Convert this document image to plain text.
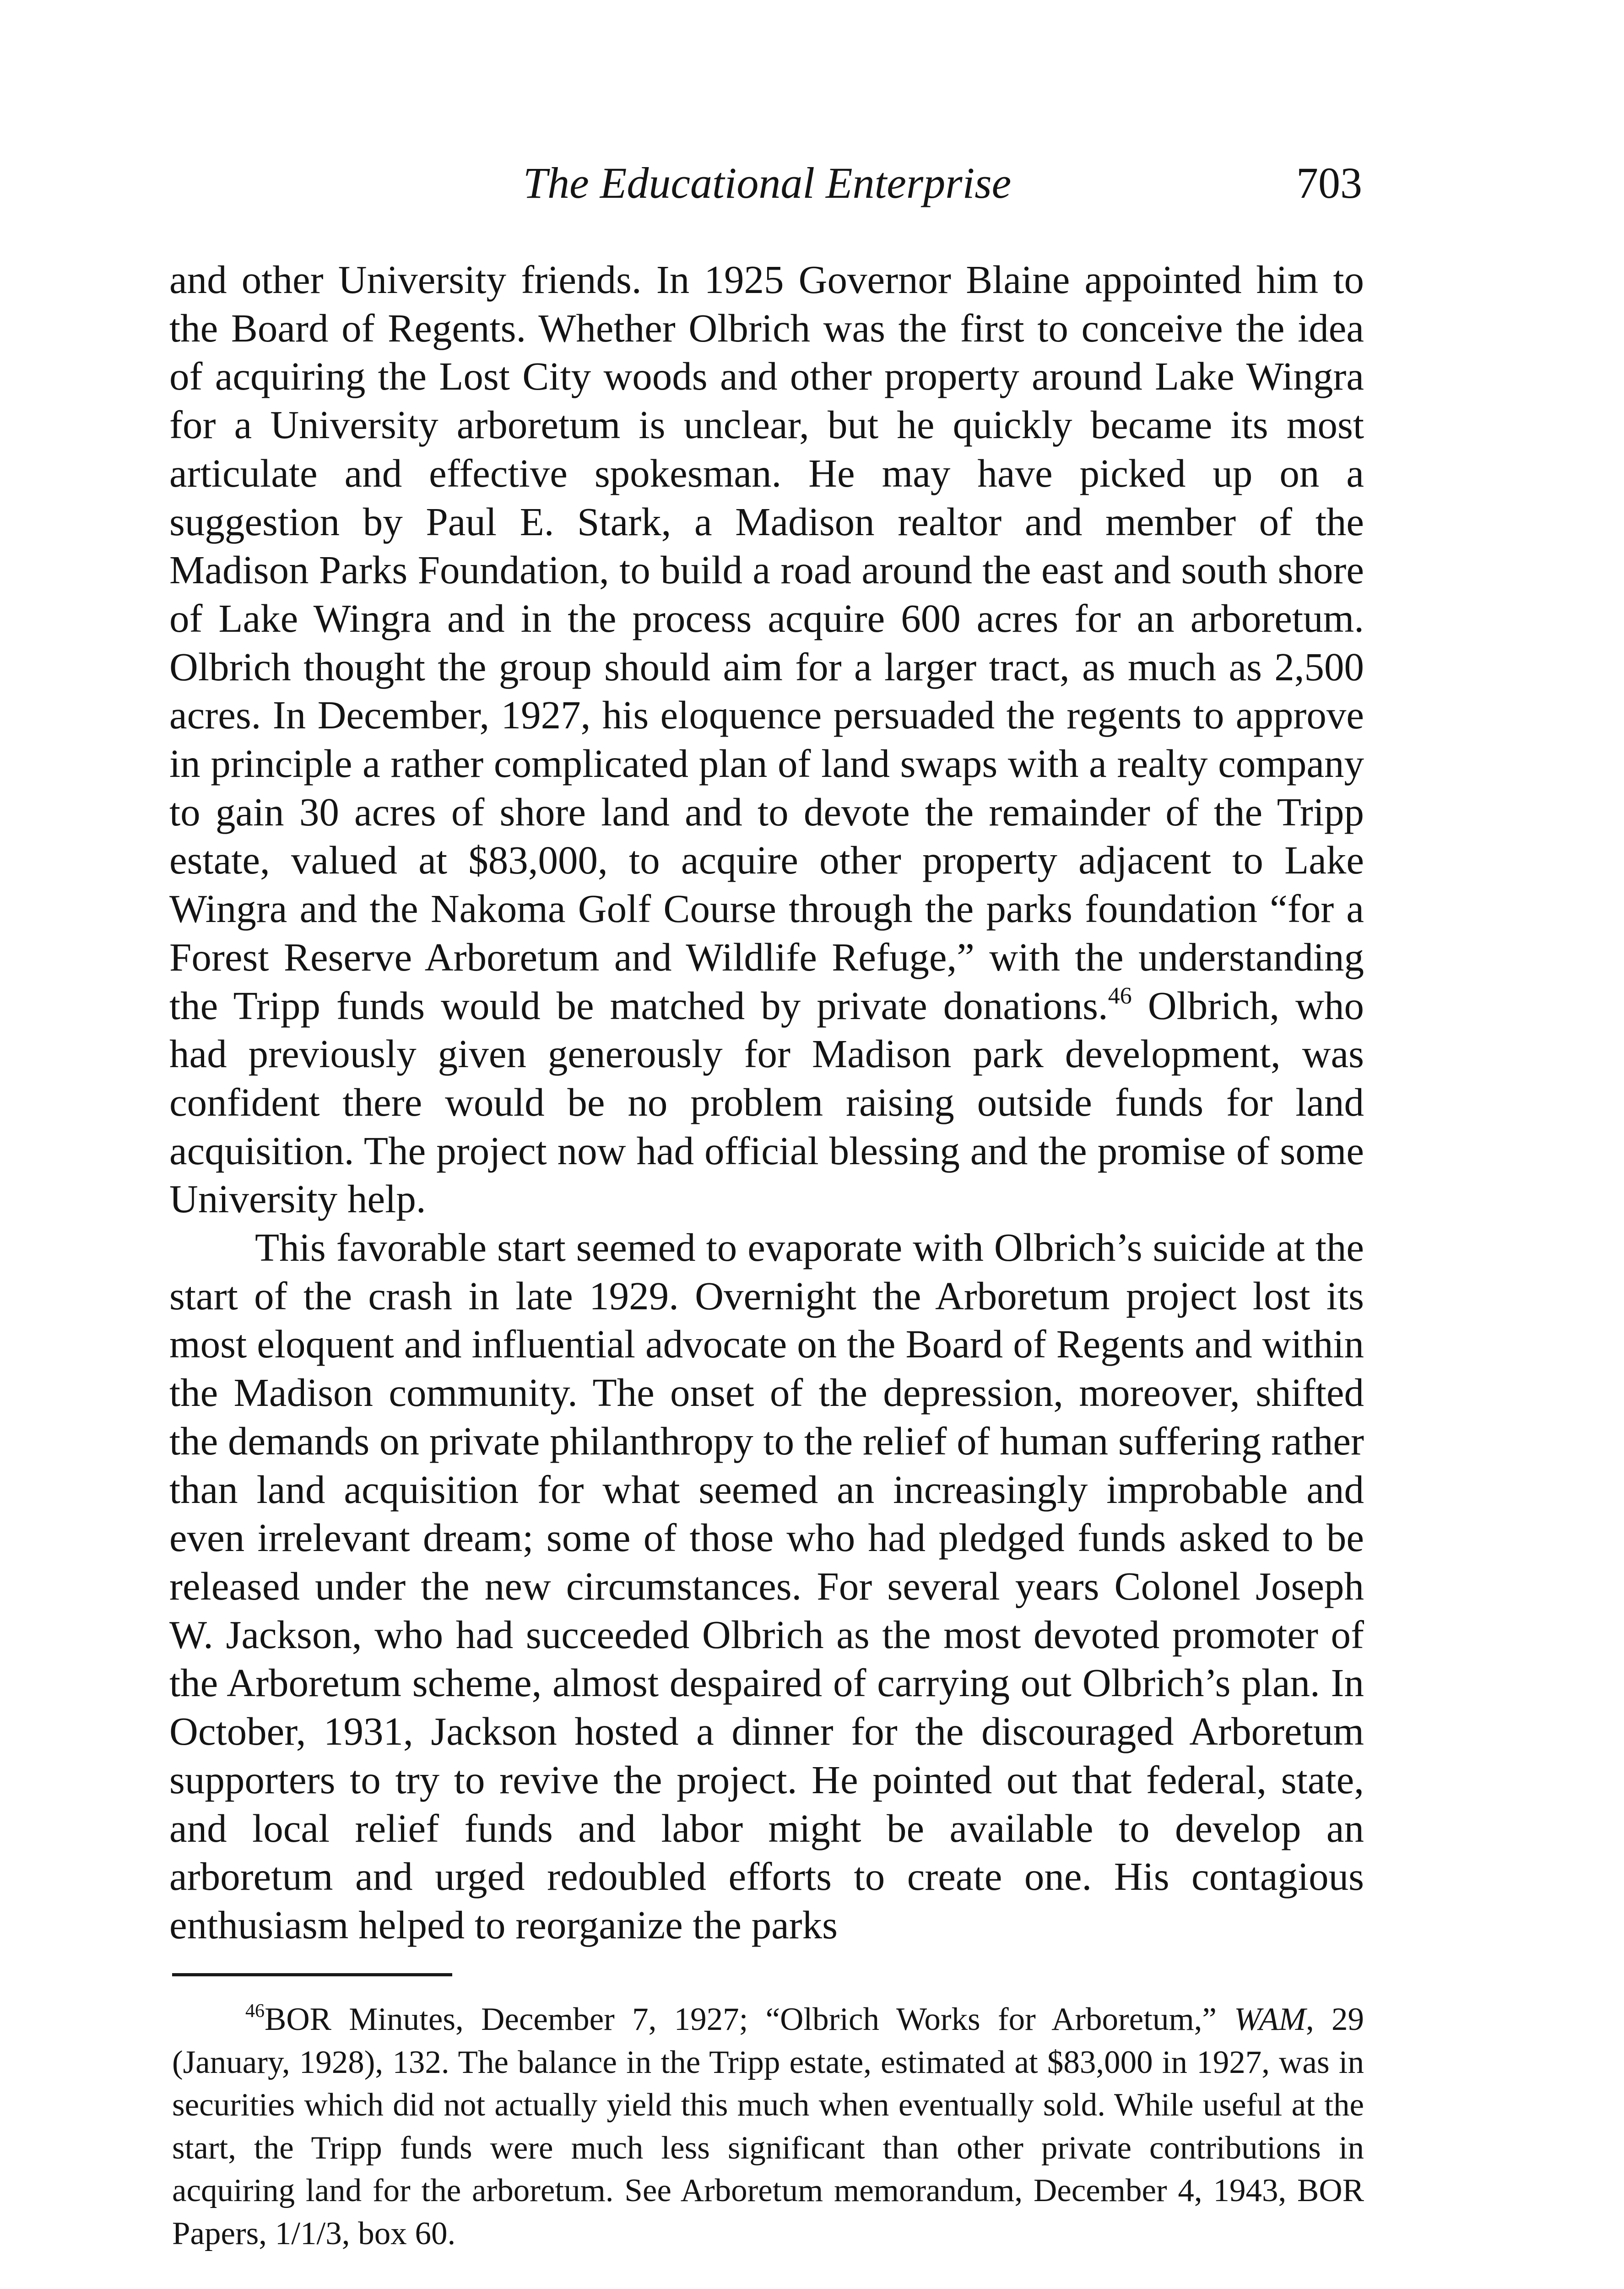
The Educational Enterprise	703

and other University friends. In 1925 Governor Blaine appointed him to the Board of Regents. Whether Olbrich was the first to conceive the idea of acquiring the Lost City woods and other property around Lake Wingra for a University arboretum is unclear, but he quickly became its most articulate and effective spokesman. He may have picked up on a suggestion by Paul E. Stark, a Madison realtor and member of the Madison Parks Foundation, to build a road around the east and south shore of Lake Wingra and in the process acquire 600 acres for an arboretum. Olbrich thought the group should aim for a larger tract, as much as 2,500 acres. In December, 1927, his eloquence persuaded the regents to approve in principle a rather complicated plan of land swaps with a realty company to gain 30 acres of shore land and to devote the remainder of the Tripp estate, valued at $83,000, to acquire other property adjacent to Lake Wingra and the Nakoma Golf Course through the parks foundation “for a Forest Reserve Arboretum and Wildlife Refuge,” with the understanding the Tripp funds would be matched by private donations.$^{46}$ Olbrich, who had previously given generously for Madison park development, was confident there would be no problem raising outside funds for land acquisition. The project now had official blessing and the promise of some University help.

This favorable start seemed to evaporate with Olbrich’s suicide at the start of the crash in late 1929. Overnight the Arboretum project lost its most eloquent and influential advocate on the Board of Regents and within the Madison community. The onset of the depression, moreover, shifted the demands on private philanthropy to the relief of human suffering rather than land acquisition for what seemed an increasingly improbable and even irrelevant dream; some of those who had pledged funds asked to be released under the new circumstances. For several years Colonel Joseph W. Jackson, who had succeeded Olbrich as the most devoted promoter of the Arboretum scheme, almost despaired of carrying out Olbrich’s plan. In October, 1931, Jackson hosted a dinner for the discouraged Arboretum supporters to try to revive the project. He pointed out that federal, state, and local relief funds and labor might be available to develop an arboretum and urged redoubled efforts to create one. His contagious enthusiasm helped to reorganize the parks

$^{46}$BOR Minutes, December 7, 1927; “Olbrich Works for Arboretum,” WAM, 29 (January, 1928), 132. The balance in the Tripp estate, estimated at $83,000 in 1927, was in securities which did not actually yield this much when eventually sold. While useful at the start, the Tripp funds were much less significant than other private contributions in acquiring land for the arboretum. See Arboretum memorandum, December 4, 1943, BOR Papers, 1/1/3, box 60.
